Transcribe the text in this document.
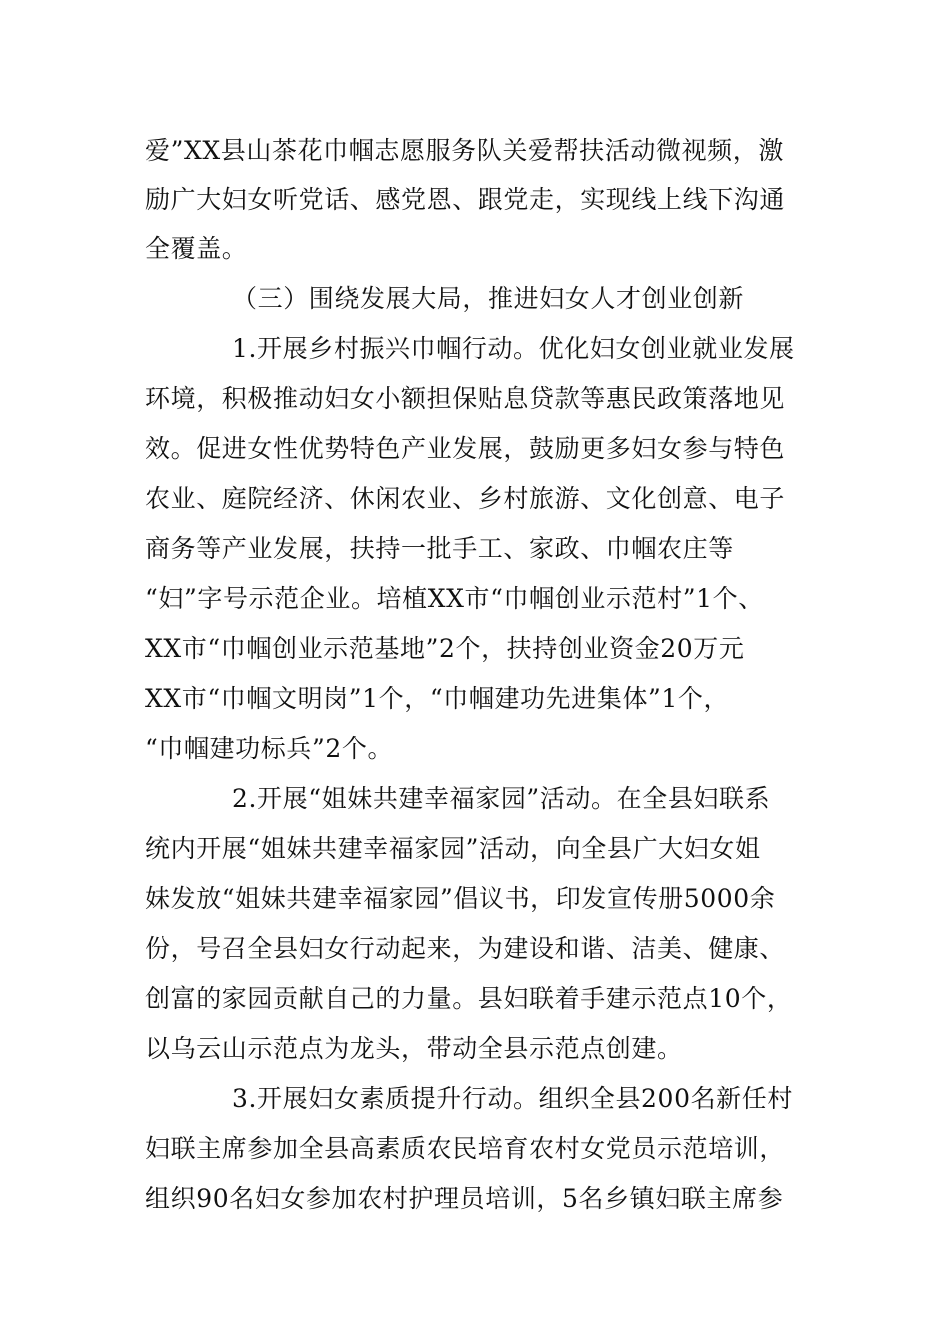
爱”XX县山茶花巾帼志愿服务队关爱帮扶活动微视频，激
励广大妇女听党话、感党恩、跟党走，实现线上线下沟通
全覆盖。
（三）围绕发展大局，推进妇女人才创业创新
1.开展乡村振兴巾帼行动。优化妇女创业就业发展
环境，积极推动妇女小额担保贴息贷款等惠民政策落地见
效。促进女性优势特色产业发展，鼓励更多妇女参与特色
农业、庭院经济、休闲农业、乡村旅游、文化创意、电子
商务等产业发展，扶持一批手工、家政、巾帼农庄等
“妇”字号示范企业。培植XX市“巾帼创业示范村”1个、
XX市“巾帼创业示范基地”2个，扶持创业资金20万元
XX市“巾帼文明岗”1个，“巾帼建功先进集体”1个，
“巾帼建功标兵”2个。
2.开展“姐妹共建幸福家园”活动。在全县妇联系
统内开展“姐妹共建幸福家园”活动，向全县广大妇女姐
妹发放“姐妹共建幸福家园”倡议书，印发宣传册5000余
份，号召全县妇女行动起来，为建设和谐、洁美、健康、
创富的家园贡献自己的力量。县妇联着手建示范点10个，
以乌云山示范点为龙头，带动全县示范点创建。
3.开展妇女素质提升行动。组织全县200名新任村
妇联主席参加全县高素质农民培育农村女党员示范培训，
组织90名妇女参加农村护理员培训，5名乡镇妇联主席参
